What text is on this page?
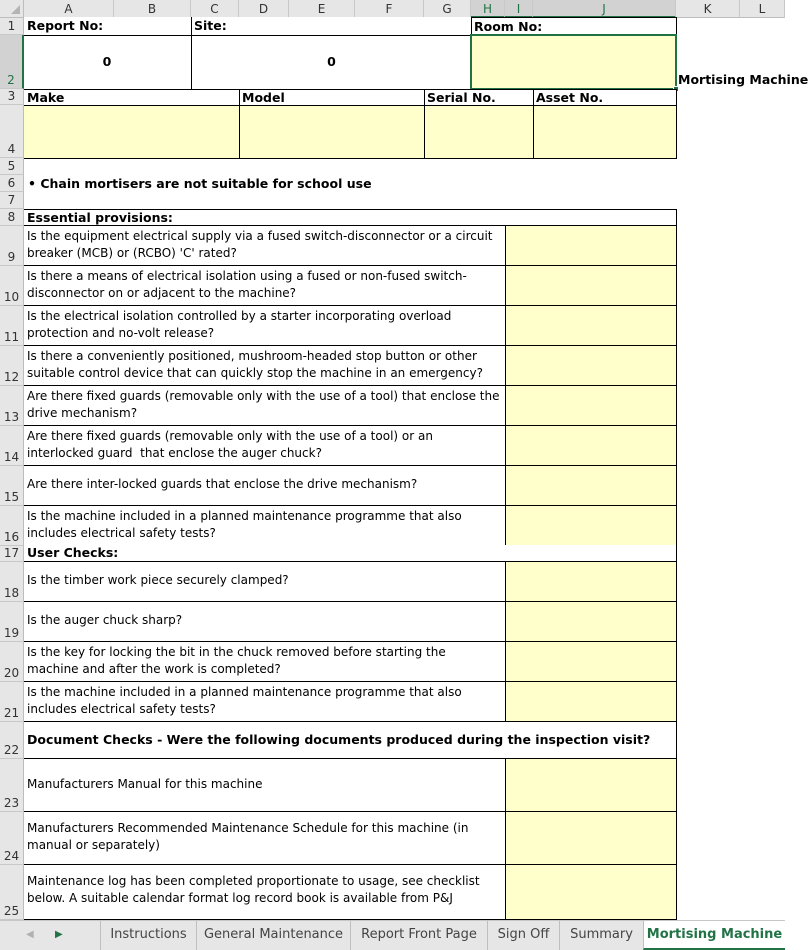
A	B	C	D	E	F	G	H	I	J	K	L
1
2
3
4
5
6
7
8
9
10
11
12
13
14
15
16
17
18
19
20
21
22
23
24
25
Report No:	Site:	Room No:
0	0
Mortising Machine
Make	Model	Serial No.	Asset No.
• Chain mortisers are not suitable for school use
Essential provisions:
Is the equipment electrical supply via a fused switch-disconnector or a circuit breaker (MCB) or (RCBO) 'C' rated?
Is there a means of electrical isolation using a fused or non-fused switch-disconnector on or adjacent to the machine?
Is the electrical isolation controlled by a starter incorporating overload protection and no-volt release?
Is there a conveniently positioned, mushroom-headed stop button or other suitable control device that can quickly stop the machine in an emergency?
Are there fixed guards (removable only with the use of a tool) that enclose the drive mechanism?
Are there fixed guards (removable only with the use of a tool) or an interlocked guard  that enclose the auger chuck?
Are there inter-locked guards that enclose the drive mechanism?
Is the machine included in a planned maintenance programme that also includes electrical safety tests?
User Checks:
Is the timber work piece securely clamped?
Is the auger chuck sharp?
Is the key for locking the bit in the chuck removed before starting the machine and after the work is completed?
Is the machine included in a planned maintenance programme that also includes electrical safety tests?
Document Checks - Were the following documents produced during the inspection visit?
Manufacturers Manual for this machine
Manufacturers Recommended Maintenance Schedule for this machine (in manual or separately)
Maintenance log has been completed proportionate to usage, see checklist below. A suitable calendar format log record book is available from P&J
◀ ▶	Instructions	General Maintenance	Report Front Page	Sign Off	Summary	Mortising Machine
